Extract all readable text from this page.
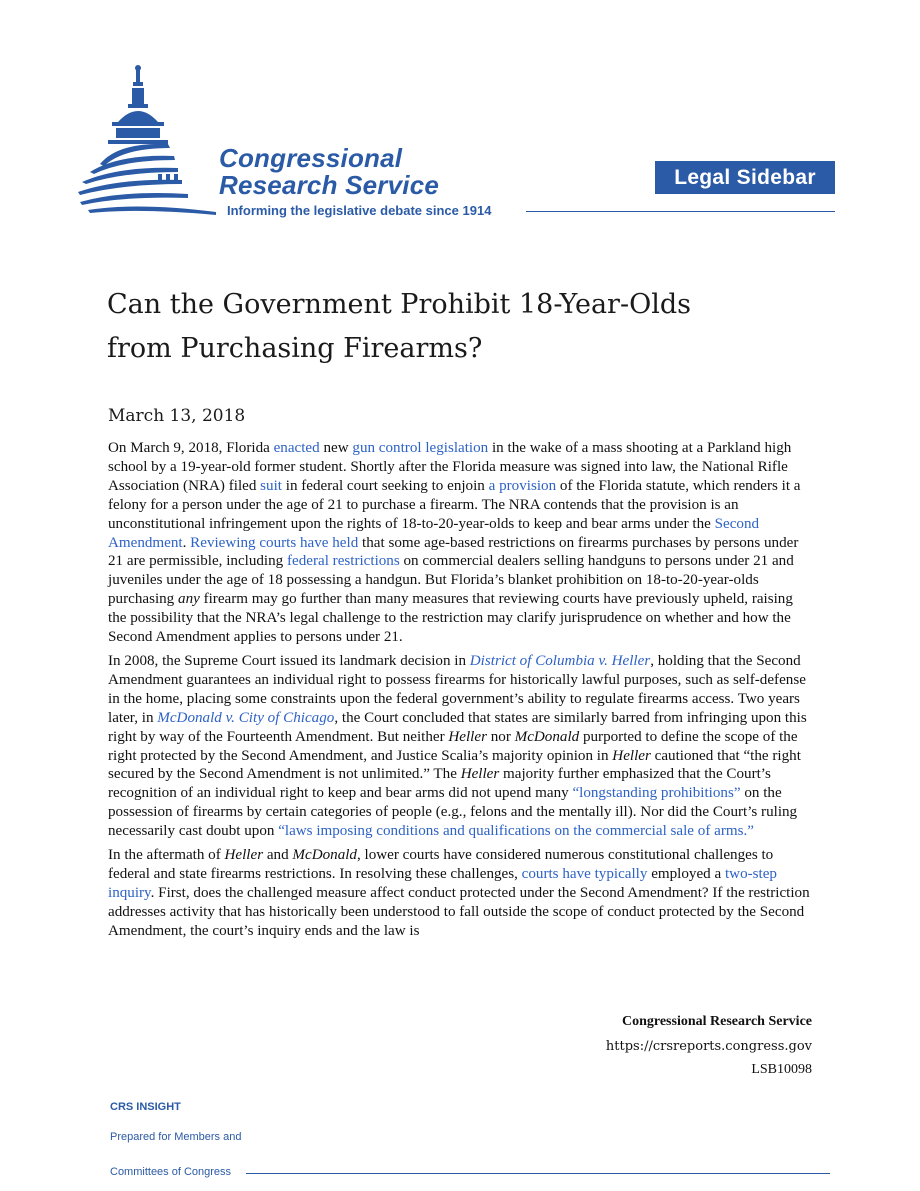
Congressional
Research Service
Informing the legislative debate since 1914
Legal Sidebar
Can the Government Prohibit 18-Year-Olds
from Purchasing Firearms?
March 13, 2018

On March 9, 2018, Florida enacted new gun control legislation in the wake of a mass shooting at a Parkland high school by a 19-year-old former student. Shortly after the Florida measure was signed into law, the National Rifle Association (NRA) filed suit in federal court seeking to enjoin a provision of the Florida statute, which renders it a felony for a person under the age of 21 to purchase a firearm. The NRA contends that the provision is an unconstitutional infringement upon the rights of 18-to-20-year-olds to keep and bear arms under the Second Amendment. Reviewing courts have held that some age-based restrictions on firearms purchases by persons under 21 are permissible, including federal restrictions on commercial dealers selling handguns to persons under 21 and juveniles under the age of 18 possessing a handgun. But Florida’s blanket prohibition on 18-to-20-year-olds purchasing any firearm may go further than many measures that reviewing courts have previously upheld, raising the possibility that the NRA’s legal challenge to the restriction may clarify jurisprudence on whether and how the Second Amendment applies to persons under 21.

In 2008, the Supreme Court issued its landmark decision in District of Columbia v. Heller, holding that the Second Amendment guarantees an individual right to possess firearms for historically lawful purposes, such as self-defense in the home, placing some constraints upon the federal government’s ability to regulate firearms access. Two years later, in McDonald v. City of Chicago, the Court concluded that states are similarly barred from infringing upon this right by way of the Fourteenth Amendment. But neither Heller nor McDonald purported to define the scope of the right protected by the Second Amendment, and Justice Scalia’s majority opinion in Heller cautioned that “the right secured by the Second Amendment is not unlimited.” The Heller majority further emphasized that the Court’s recognition of an individual right to keep and bear arms did not upend many “longstanding prohibitions” on the possession of firearms by certain categories of people (e.g., felons and the mentally ill). Nor did the Court’s ruling necessarily cast doubt upon “laws imposing conditions and qualifications on the commercial sale of arms.”

In the aftermath of Heller and McDonald, lower courts have considered numerous constitutional challenges to federal and state firearms restrictions. In resolving these challenges, courts have typically employed a two-step inquiry. First, does the challenged measure affect conduct protected under the Second Amendment? If the restriction addresses activity that has historically been understood to fall outside the scope of conduct protected by the Second Amendment, the court’s inquiry ends and the law is

Congressional Research Service
https://crsreports.congress.gov
LSB10098
CRS INSIGHT
Prepared for Members and
Committees of Congress
